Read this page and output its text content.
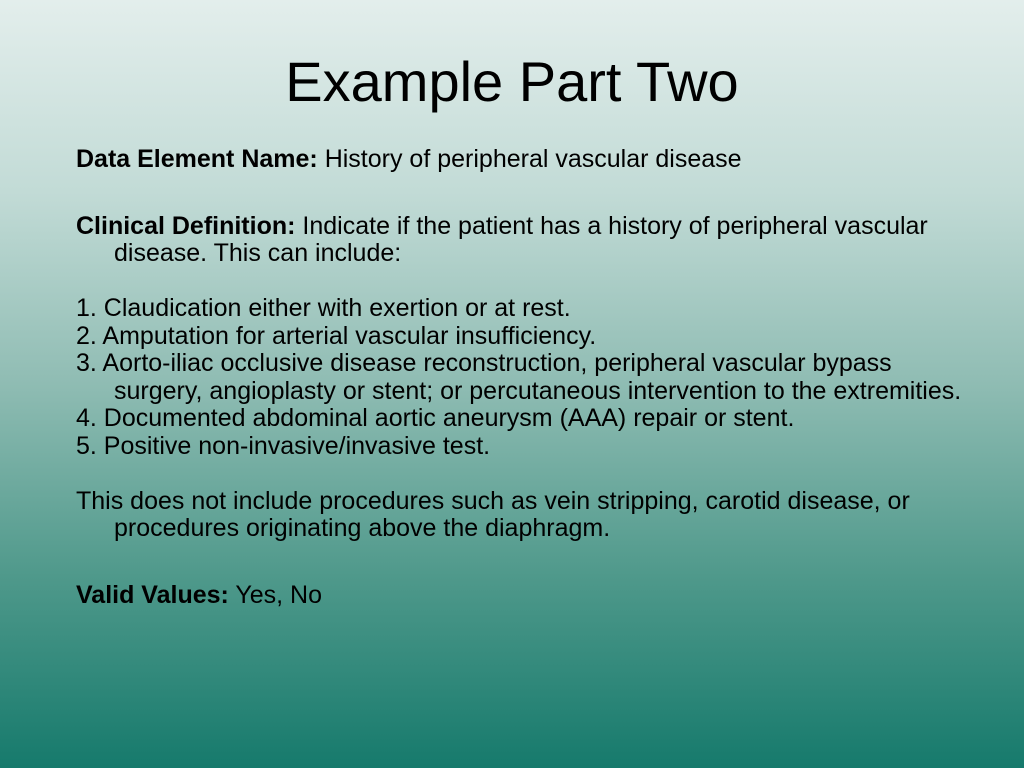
Example Part Two

Data Element Name: History of peripheral vascular disease

Clinical Definition: Indicate if the patient has a history of peripheral vascular disease. This can include:
1. Claudication either with exertion or at rest.
2. Amputation for arterial vascular insufficiency.
3. Aorto-iliac occlusive disease reconstruction, peripheral vascular bypass surgery, angioplasty or stent; or percutaneous intervention to the extremities.
4. Documented abdominal aortic aneurysm (AAA) repair or stent.
5. Positive non-invasive/invasive test.
This does not include procedures such as vein stripping, carotid disease, or procedures originating above the diaphragm.

Valid Values: Yes, No
